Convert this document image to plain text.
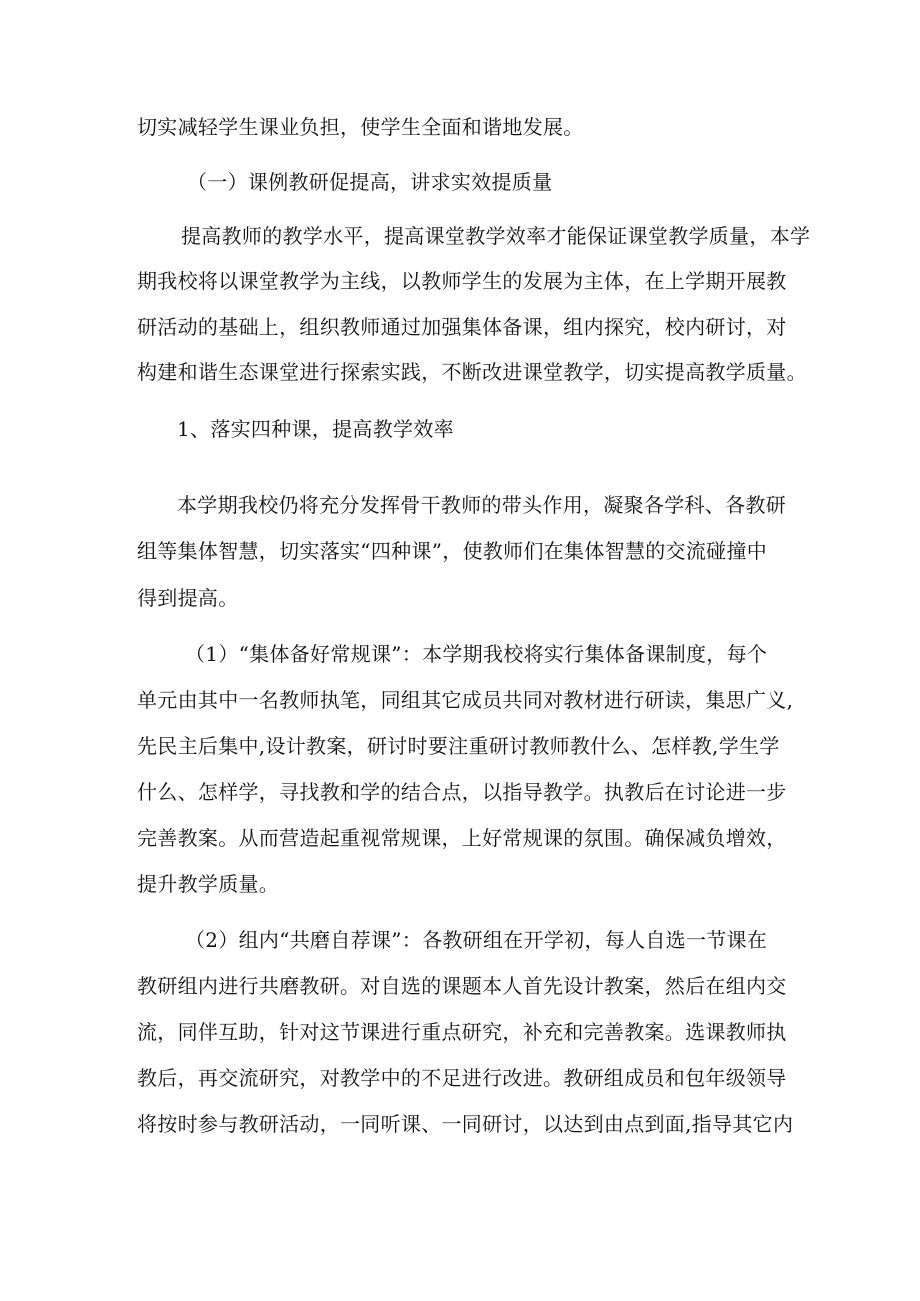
切实减轻学生课业负担，使学生全面和谐地发展。
（一）课例教研促提高，讲求实效提质量
提高教师的教学水平，提高课堂教学效率才能保证课堂教学质量，本学
期我校将以课堂教学为主线，以教师学生的发展为主体，在上学期开展教
研活动的基础上，组织教师通过加强集体备课，组内探究，校内研讨，对
构建和谐生态课堂进行探索实践，不断改进课堂教学，切实提高教学质量。
1、落实四种课，提高教学效率
本学期我校仍将充分发挥骨干教师的带头作用，凝聚各学科、各教研
组等集体智慧，切实落实“四种课”，使教师们在集体智慧的交流碰撞中
得到提高。
（1）“集体备好常规课”：本学期我校将实行集体备课制度，每个
单元由其中一名教师执笔，同组其它成员共同对教材进行研读，集思广义,
先民主后集中,设计教案，研讨时要注重研讨教师教什么、怎样教,学生学
什么、怎样学，寻找教和学的结合点，以指导教学。执教后在讨论进一步
完善教案。从而营造起重视常规课，上好常规课的氛围。确保减负增效，
提升教学质量。
（2）组内“共磨自荐课”：各教研组在开学初，每人自选一节课在
教研组内进行共磨教研。对自选的课题本人首先设计教案，然后在组内交
流，同伴互助，针对这节课进行重点研究，补充和完善教案。选课教师执
教后，再交流研究，对教学中的不足进行改进。教研组成员和包年级领导
将按时参与教研活动，一同听课、一同研讨，以达到由点到面,指导其它内
